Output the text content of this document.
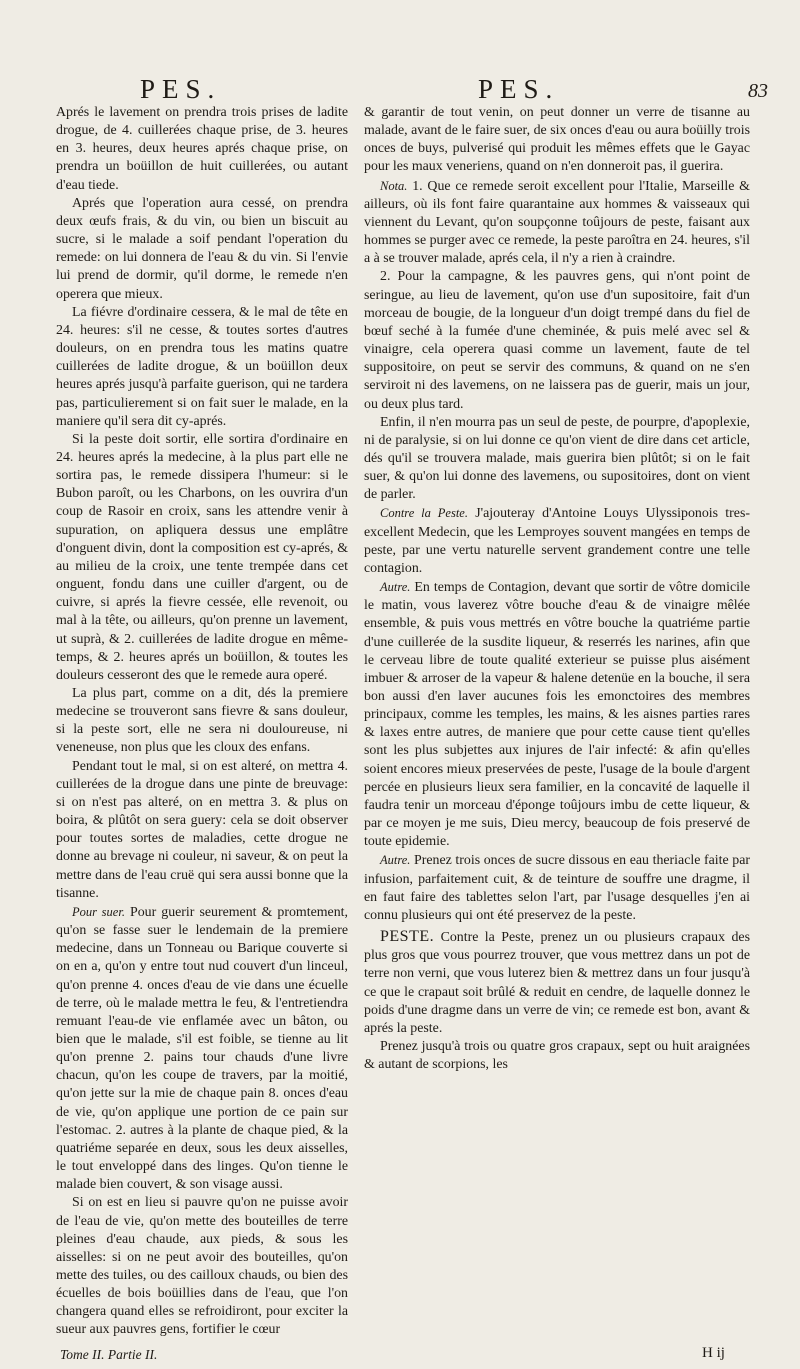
PES.	PES.	83

Aprés le lavement on prendra trois prises de ladite drogue, de 4. cuillerées chaque prise, de 3. heures en 3. heures, deux heures aprés chaque prise, on prendra un boüillon de huit cuillerées, ou autant d'eau tiede.

Aprés que l'operation aura cessé, on prendra deux œufs frais, & du vin, ou bien un biscuit au sucre, si le malade a soif pendant l'operation du remede: on lui donnera de l'eau & du vin. Si l'envie lui prend de dormir, qu'il dorme, le remede n'en operera que mieux.

La fiévre d'ordinaire cessera, & le mal de tête en 24. heures: s'il ne cesse, & toutes sortes d'autres douleurs, on en prendra tous les matins quatre cuillerées de ladite drogue, & un boüillon deux heures aprés jusqu'à parfaite guerison, qui ne tardera pas, particulierement si on fait suer le malade, en la maniere qu'il sera dit cy-aprés.

Si la peste doit sortir, elle sortira d'ordinaire en 24. heures aprés la medecine, à la plus part elle ne sortira pas, le remede dissipera l'humeur: si le Bubon paroît, ou les Charbons, on les ouvrira d'un coup de Rasoir en croix, sans les attendre venir à supuration, on apliquera dessus une emplâtre d'onguent divin, dont la composition est cy-aprés, & au milieu de la croix, une tente trempée dans cet onguent, fondu dans une cuiller d'argent, ou de cuivre, si aprés la fievre cessée, elle revenoit, ou mal à la tête, ou ailleurs, qu'on prenne un lavement, ut suprà, & 2. cuillerées de ladite drogue en même-temps, & 2. heures aprés un boüillon, & toutes les douleurs cesseront des que le remede aura operé.

La plus part, comme on a dit, dés la premiere medecine se trouveront sans fievre & sans douleur, si la peste sort, elle ne sera ni douloureuse, ni veneneuse, non plus que les cloux des enfans.

Pendant tout le mal, si on est alteré, on mettra 4. cuillerées de la drogue dans une pinte de breuvage: si on n'est pas alteré, on en mettra 3. & plus on boira, & plûtôt on sera guery: cela se doit observer pour toutes sortes de maladies, cette drogue ne donne au brevage ni couleur, ni saveur, & on peut la mettre dans de l'eau cruë qui sera aussi bonne que la tisanne.

Pour suer. Pour guerir seurement & promtement, qu'on se fasse suer le lendemain de la premiere medecine, dans un Tonneau ou Barique couverte si on en a, qu'on y entre tout nud couvert d'un linceul, qu'on prenne 4. onces d'eau de vie dans une écuelle de terre, où le malade mettra le feu, & l'entretiendra remuant l'eau-de vie enflamée avec un bâton, ou bien que le malade, s'il est foible, se tienne au lit qu'on prenne 2. pains tour chauds d'une livre chacun, qu'on les coupe de travers, par la moitié, qu'on jette sur la mie de chaque pain 8. onces d'eau de vie, qu'on applique une portion de ce pain sur l'estomac. 2. autres à la plante de chaque pied, & la quatriéme separée en deux, sous les deux aisselles, le tout enveloppé dans des linges. Qu'on tienne le malade bien couvert, & son visage aussi.

Si on est en lieu si pauvre qu'on ne puisse avoir de l'eau de vie, qu'on mette des bouteilles de terre pleines d'eau chaude, aux pieds, & sous les aisselles: si on ne peut avoir des bouteilles, qu'on mette des tuiles, ou des cailloux chauds, ou bien des écuelles de bois boüillies dans de l'eau, que l'on changera quand elles se refroidiront, pour exciter la sueur aux pauvres gens, fortifier le cœur

& garantir de tout venin, on peut donner un verre de tisanne au malade, avant de le faire suer, de six onces d'eau ou aura boüilly trois onces de buys, pulverisé qui produit les mêmes effets que le Gayac pour les maux veneriens, quand on n'en donneroit pas, il guerira.

Nota. 1. Que ce remede seroit excellent pour l'Italie, Marseille & ailleurs, où ils font faire quarantaine aux hommes & vaisseaux qui viennent du Levant, qu'on soupçonne toûjours de peste, faisant aux hommes se purger avec ce remede, la peste paroîtra en 24. heures, s'il a à se trouver malade, aprés cela, il n'y a rien à craindre.

2. Pour la campagne, & les pauvres gens, qui n'ont point de seringue, au lieu de lavement, qu'on use d'un supositoire, fait d'un morceau de bougie, de la longueur d'un doigt trempé dans du fiel de bœuf seché à la fumée d'une cheminée, & puis melé avec sel & vinaigre, cela operera quasi comme un lavement, faute de tel suppositoire, on peut se servir des communs, & quand on ne s'en serviroit ni des lavemens, on ne laissera pas de guerir, mais un jour, ou deux plus tard.

Enfin, il n'en mourra pas un seul de peste, de pourpre, d'apoplexie, ni de paralysie, si on lui donne ce qu'on vient de dire dans cet article, dés qu'il se trouvera malade, mais guerira bien plûtôt; si on le fait suer, & qu'on lui donne des lavemens, ou supositoires, dont on vient de parler.

Contre la Peste. J'ajouteray d'Antoine Louys Ulyssiponois tres-excellent Medecin, que les Lemproyes souvent mangées en temps de peste, par une vertu naturelle servent grandement contre une telle contagion.

Autre. En temps de Contagion, devant que sortir de vôtre domicile le matin, vous laverez vôtre bouche d'eau & de vinaigre mêlée ensemble, & puis vous mettrés en vôtre bouche la quatriéme partie d'une cuillerée de la susdite liqueur, & reserrés les narines, afin que le cerveau libre de toute qualité exterieur se puisse plus aisément imbuer & arroser de la vapeur & halene detenüe en la bouche, il sera bon aussi d'en laver aucunes fois les emonctoires des membres principaux, comme les temples, les mains, & les aisnes parties rares & laxes entre autres, de maniere que pour cette cause tient qu'elles sont les plus subjettes aux injures de l'air infecté: & afin qu'elles soient encores mieux preservées de peste, l'usage de la boule d'argent percée en plusieurs lieux sera familier, en la concavité de laquelle il faudra tenir un morceau d'éponge toûjours imbu de cette liqueur, & par ce moyen je me suis, Dieu mercy, beaucoup de fois preservé de toute epidemie.

Autre. Prenez trois onces de sucre dissous en eau theriacle faite par infusion, parfaitement cuit, & de teinture de souffre une dragme, il en faut faire des tablettes selon l'art, par l'usage desquelles j'en ai connu plusieurs qui ont été preservez de la peste.

PESTE. Contre la Peste, prenez un ou plusieurs crapaux des plus gros que vous pourrez trouver, que vous mettrez dans un pot de terre non verni, que vous luterez bien & mettrez dans un four jusqu'à ce que le crapaut soit brûlé & reduit en cendre, de laquelle donnez le poids d'une dragme dans un verre de vin; ce remede est bon, avant & aprés la peste.

Prenez jusqu'à trois ou quatre gros crapaux, sept ou huit araignées & autant de scorpions, les

Tome II. Partie II.	H ij
